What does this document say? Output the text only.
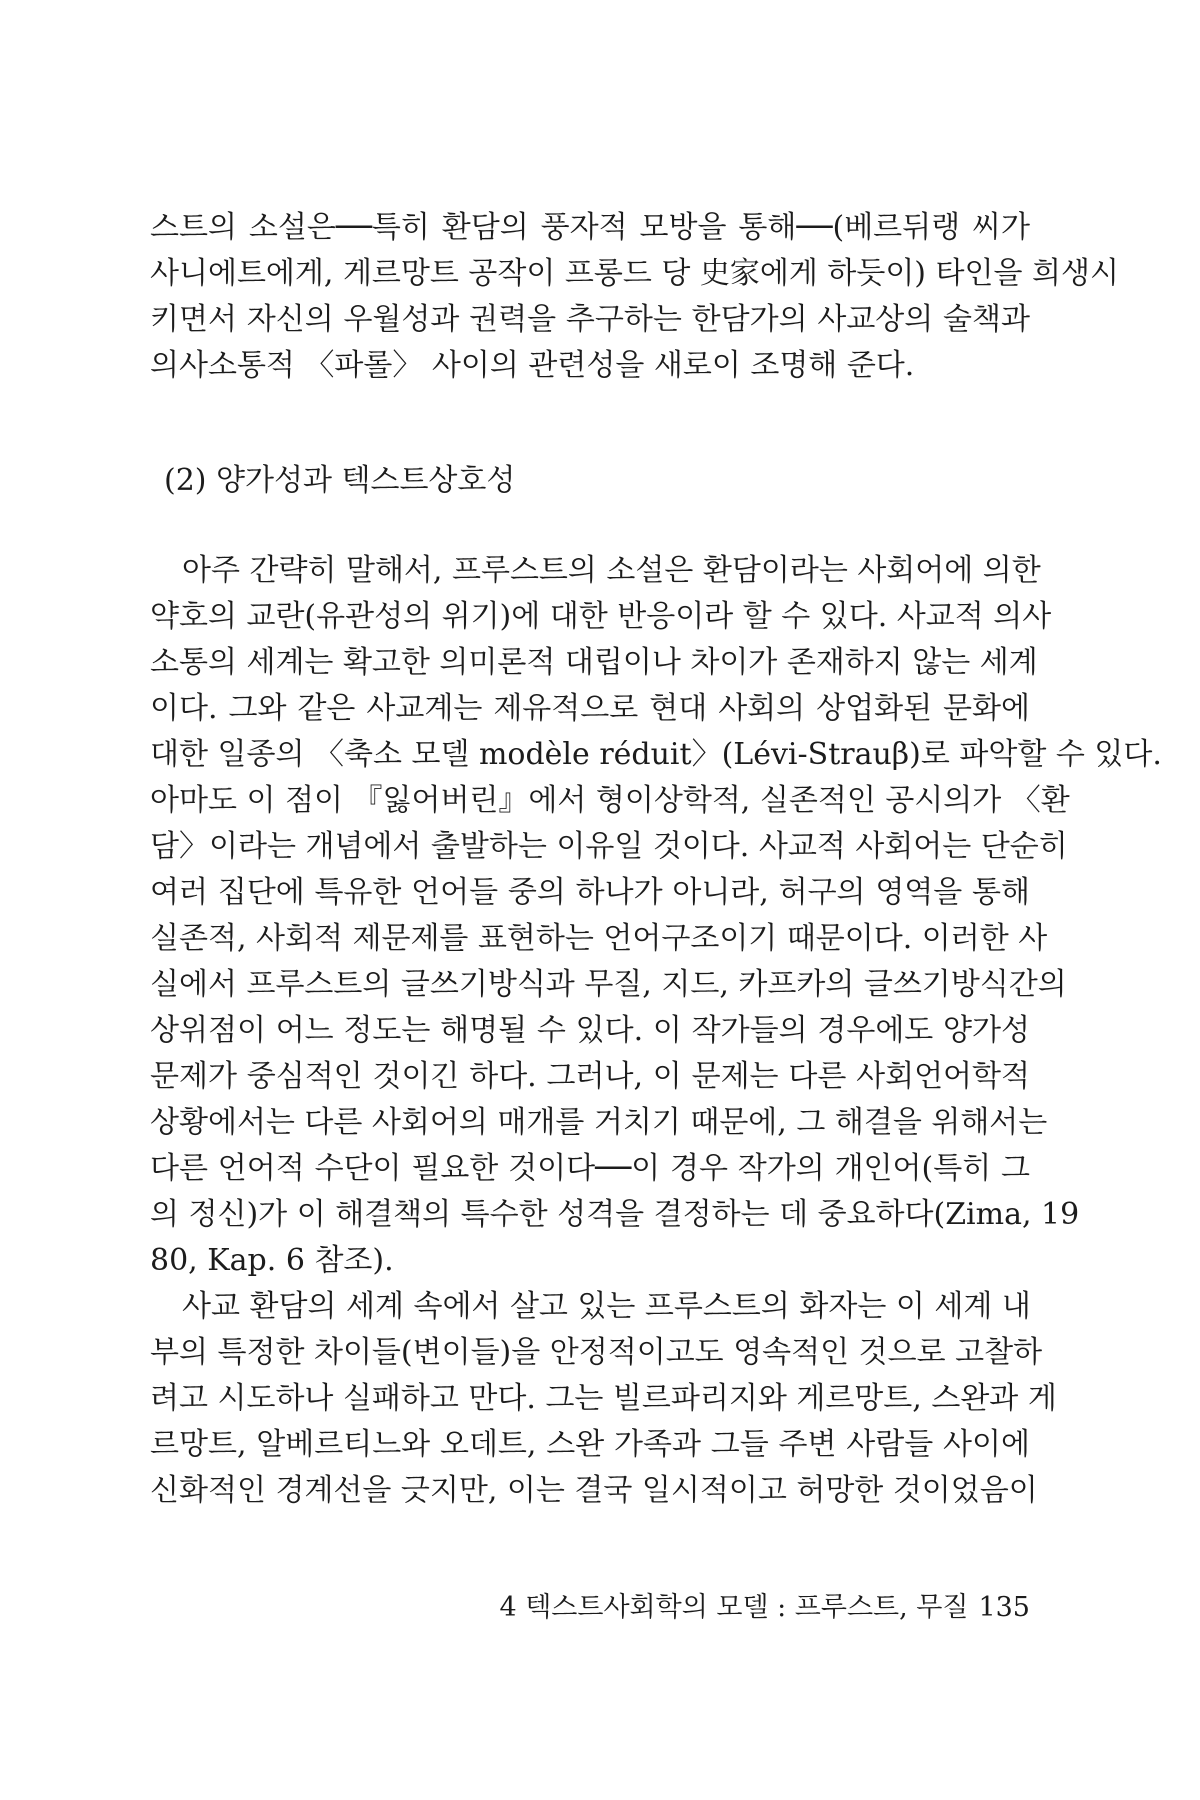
스트의 소설은──특히 환담의 풍자적 모방을 통해──(베르뒤랭 씨가
사니에트에게, 게르망트 공작이 프롱드 당 史家에게 하듯이) 타인을 희생시
키면서 자신의 우월성과 권력을 추구하는 한담가의 사교상의 술책과
의사소통적 〈파롤〉 사이의 관련성을 새로이 조명해 준다.
(2) 양가성과 텍스트상호성
아주 간략히 말해서, 프루스트의 소설은 환담이라는 사회어에 의한
약호의 교란(유관성의 위기)에 대한 반응이라 할 수 있다. 사교적 의사
소통의 세계는 확고한 의미론적 대립이나 차이가 존재하지 않는 세계
이다. 그와 같은 사교계는 제유적으로 현대 사회의 상업화된 문화에
대한 일종의 〈축소 모델 modèle réduit〉(Lévi-Strauβ)로 파악할 수 있다.
아마도 이 점이 『잃어버린』에서 형이상학적, 실존적인 공시의가 〈환
담〉이라는 개념에서 출발하는 이유일 것이다. 사교적 사회어는 단순히
여러 집단에 특유한 언어들 중의 하나가 아니라, 허구의 영역을 통해
실존적, 사회적 제문제를 표현하는 언어구조이기 때문이다. 이러한 사
실에서 프루스트의 글쓰기방식과 무질, 지드, 카프카의 글쓰기방식간의
상위점이 어느 정도는 해명될 수 있다. 이 작가들의 경우에도 양가성
문제가 중심적인 것이긴 하다. 그러나, 이 문제는 다른 사회언어학적
상황에서는 다른 사회어의 매개를 거치기 때문에, 그 해결을 위해서는
다른 언어적 수단이 필요한 것이다──이 경우 작가의 개인어(특히 그
의 정신)가 이 해결책의 특수한 성격을 결정하는 데 중요하다(Zima, 19
80, Kap. 6 참조).
사교 환담의 세계 속에서 살고 있는 프루스트의 화자는 이 세계 내
부의 특정한 차이들(변이들)을 안정적이고도 영속적인 것으로 고찰하
려고 시도하나 실패하고 만다. 그는 빌르파리지와 게르망트, 스완과 게
르망트, 알베르티느와 오데트, 스완 가족과 그들 주변 사람들 사이에
신화적인 경계선을 긋지만, 이는 결국 일시적이고 허망한 것이었음이
4 텍스트사회학의 모델 : 프루스트, 무질 135
